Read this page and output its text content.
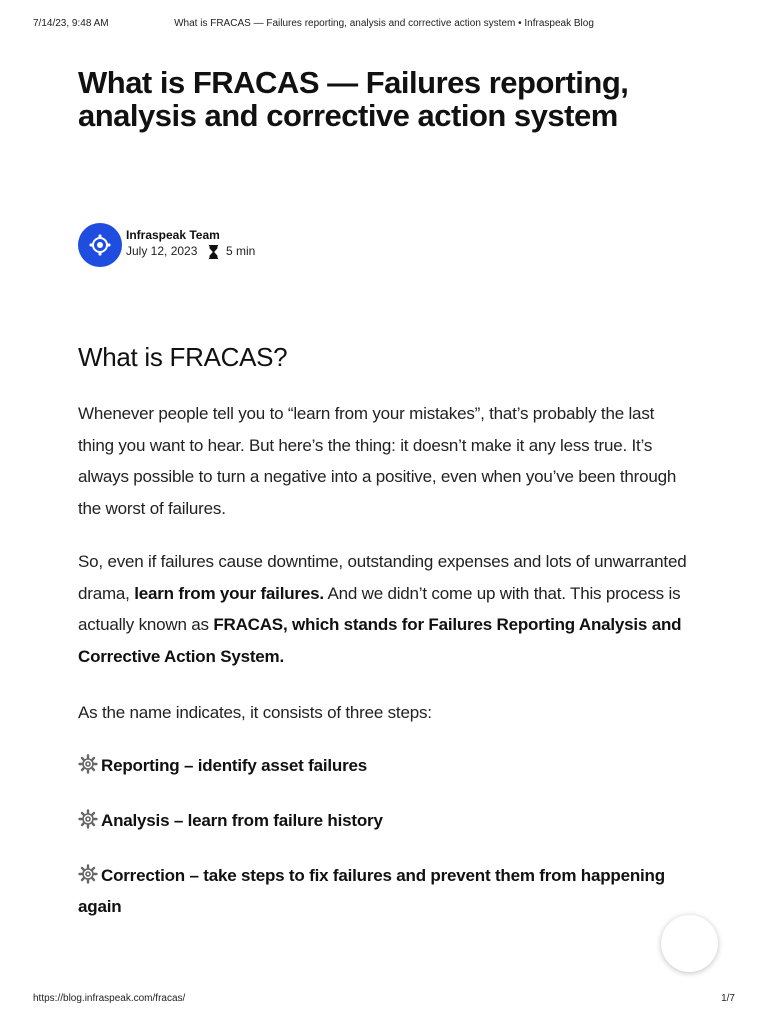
7/14/23, 9:48 AM	What is FRACAS — Failures reporting, analysis and corrective action system • Infraspeak Blog
What is FRACAS — Failures reporting, analysis and corrective action system
Infraspeak Team
July 12, 2023 5 min
What is FRACAS?

Whenever people tell you to “learn from your mistakes”, that’s probably the last thing you want to hear. But here’s the thing: it doesn’t make it any less true. It’s always possible to turn a negative into a positive, even when you’ve been through the worst of failures.

So, even if failures cause downtime, outstanding expenses and lots of unwarranted drama, learn from your failures. And we didn’t come up with that. This process is actually known as FRACAS, which stands for Failures Reporting Analysis and Corrective Action System.

As the name indicates, it consists of three steps:

Reporting – identify asset failures
Analysis – learn from failure history
Correction – take steps to fix failures and prevent them from happening again
https://blog.infraspeak.com/fracas/	1/7
